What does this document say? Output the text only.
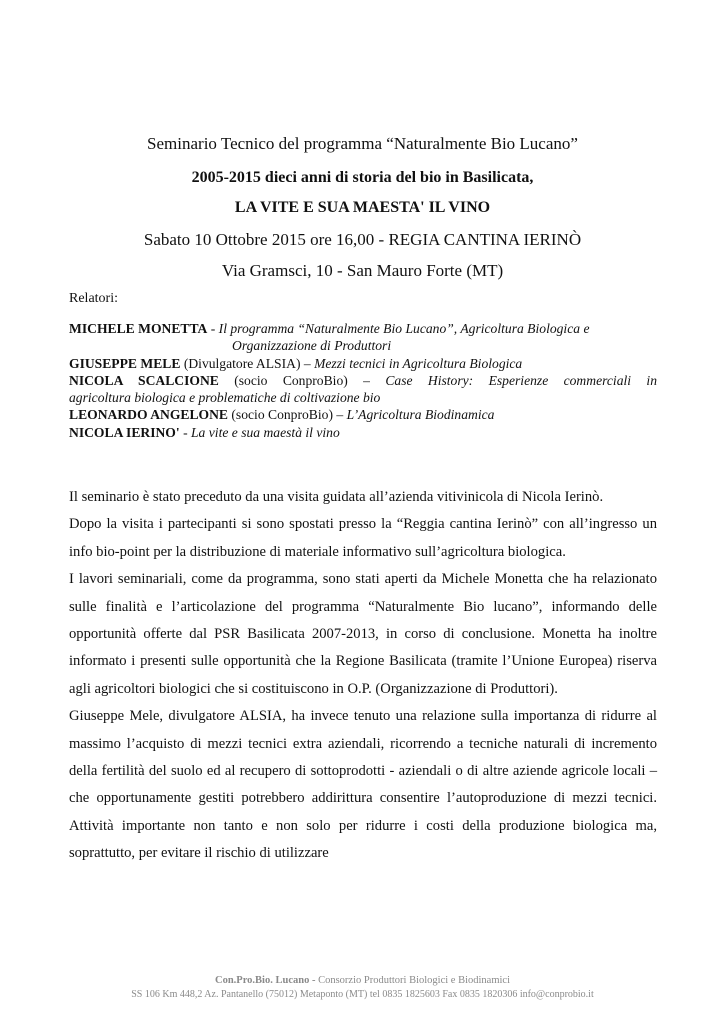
Seminario Tecnico del programma “Naturalmente Bio Lucano”
2005-2015 dieci anni di storia del bio in Basilicata,
LA VITE E SUA MAESTA' IL VINO
Sabato 10 Ottobre 2015 ore 16,00 - REGIA CANTINA IERINÒ
Via Gramsci, 10 - San Mauro Forte (MT)
Relatori:
MICHELE MONETTA - Il programma “Naturalmente Bio Lucano”, Agricoltura Biologica e
Organizzazione di Produttori
GIUSEPPE MELE (Divulgatore ALSIA) – Mezzi tecnici in Agricoltura Biologica
NICOLA SCALCIONE (socio ConproBio) – Case History: Esperienze commerciali in
agricoltura biologica e problematiche di coltivazione bio
LEONARDO ANGELONE (socio ConproBio) – L’Agricoltura Biodinamica
NICOLA IERINO' - La vite e sua maestà il vino

Il seminario è stato preceduto da una visita guidata all’azienda vitivinicola di Nicola Ierinò.

Dopo la visita i partecipanti si sono spostati presso la “Reggia cantina Ierinò” con all’ingresso un info bio-point per la distribuzione di materiale informativo sull’agricoltura biologica.

I lavori seminariali, come da programma, sono stati aperti da Michele Monetta che ha relazionato sulle finalità e l’articolazione del programma “Naturalmente Bio lucano”, informando delle opportunità offerte dal PSR Basilicata 2007-2013, in corso di conclusione. Monetta ha inoltre informato i presenti sulle opportunità che la Regione Basilicata (tramite l’Unione Europea) riserva agli agricoltori biologici che si costituiscono in O.P. (Organizzazione di Produttori).

Giuseppe Mele, divulgatore ALSIA, ha invece tenuto una relazione sulla importanza di ridurre al massimo l’acquisto di mezzi tecnici extra aziendali, ricorrendo a tecniche naturali di incremento della fertilità del suolo ed al recupero di sottoprodotti - aziendali o di altre aziende agricole locali – che opportunamente gestiti potrebbero addirittura consentire l’autoproduzione di mezzi tecnici. Attività importante non tanto e non solo per ridurre i costi della produzione biologica ma, soprattutto, per evitare il rischio di utilizzare

Con.Pro.Bio. Lucano - Consorzio Produttori Biologici e Biodinamici
SS 106 Km 448,2 Az. Pantanello (75012) Metaponto (MT) tel 0835 1825603 Fax 0835 1820306 info@conprobio.it
